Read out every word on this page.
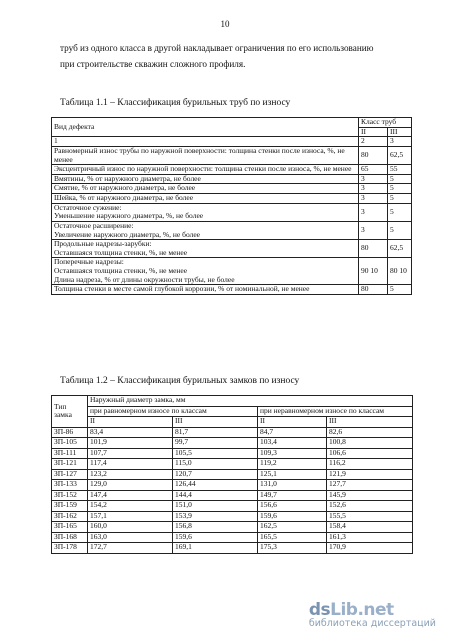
10
труб из одного класса в другой накладывает ограничения по его использованию
при строительстве скважин сложного профиля.
Таблица 1.1 – Классификация бурильных труб по износу
Вид дефекта	Класс труб	
	II	III
1	2	3
Равномерный износ трубы по наружной поверхности: толщина стенки после износа, %, не менее	80	62,5
Эксцентричный износ по наружной поверхности: толщина стенки после износа, %, не менее	65	55
Вмятины, % от наружного диаметра, не более	3	5
Смятие, % от наружного диаметра, не более	3	5
Шейка, % от наружного диаметра, не более	3	5
Остаточное сужение:
Уменьшение наружного диаметра, %, не более	3	5
Остаточное расширение:
Увеличение наружного диаметра, %, не более	3	5
Продольные надрезы-зарубки:
Оставшаяся толщина стенки, %, не менее	80	62,5
Поперечные надрезы:
Оставшаяся толщина стенки, %, не менее
Длина надреза, % от длины окружности трубы, не более	90 10	80 10
Толщина стенки в месте самой глубокой коррозии, % от номинальной, не менее	80	5
Таблица 1.2 – Классификация бурильных замков по износу
Тип замка	Наружный диаметр замка, мм			
	при равномерном износе по классам		при неравномерном износе по классам	
	II	III	II	III
ЗП-86	83,4	81,7	84,7	82,6
ЗП-105	101,9	99,7	103,4	100,8
ЗП-111	107,7	105,5	109,3	106,6
ЗП-121	117,4	115,0	119,2	116,2
ЗП-127	123,2	120,7	125,1	121,9
ЗП-133	129,0	126,44	131,0	127,7
ЗП-152	147,4	144,4	149,7	145,9
ЗП-159	154,2	151,0	156,6	152,6
ЗП-162	157,1	153,9	159,6	155,5
ЗП-165	160,0	156,8	162,5	158,4
ЗП-168	163,0	159,6	165,5	161,3
ЗП-178	172,7	169,1	175,3	170,9
dsLib.net
библиотека диссертаций
